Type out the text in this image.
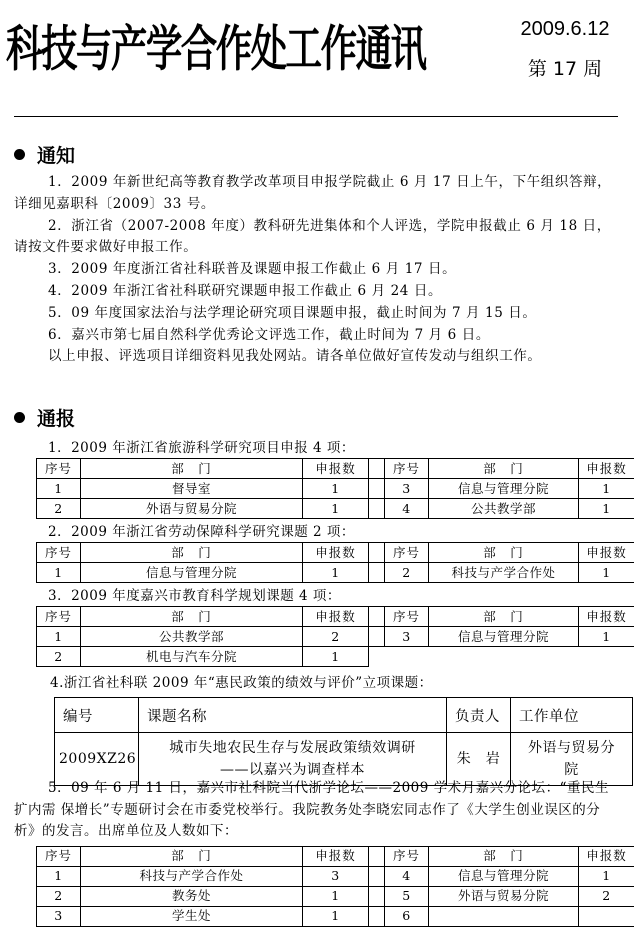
科技与产学合作处工作通讯	2009.6.12
第 17 周
通知

1．2009 年新世纪高等教育教学改革项目申报学院截止 6 月 17 日上午，下午组织答辩，详细见嘉职科〔2009〕33 号。

2．浙江省（2007-2008 年度）教科研先进集体和个人评选，学院申报截止 6 月 18 日，请按文件要求做好申报工作。

3．2009 年度浙江省社科联普及课题申报工作截止 6 月 17 日。

4．2009 年浙江省社科联研究课题申报工作截止 6 月 24 日。

5．09 年度国家法治与法学理论研究项目课题申报，截止时间为 7 月 15 日。

6．嘉兴市第七届自然科学优秀论文评选工作，截止时间为 7 月 6 日。

以上申报、评选项目详细资料见我处网站。请各单位做好宣传发动与组织工作。

通报

1．2009 年浙江省旅游科学研究项目申报 4 项：

序号	部　门	申报数		序号	部　门	申报数
1	督导室	1		3	信息与管理分院	1
2	外语与贸易分院	1		4	公共教学部	1

2．2009 年浙江省劳动保障科学研究课题 2 项：

序号	部　门	申报数		序号	部　门	申报数
1	信息与管理分院	1		2	科技与产学合作处	1

3．2009 年度嘉兴市教育科学规划课题 4 项：

序号	部　门	申报数		序号	部　门	申报数
1	公共教学部	2		3	信息与管理分院	1
2	机电与汽车分院	1				

4.浙江省社科联 2009 年“惠民政策的绩效与评价”立项课题：

编号	课题名称	负责人	工作单位
2009XZ26	城市失地农民生存与发展政策绩效调研——以嘉兴为调查样本	朱　岩	外语与贸易分院

5．09 年 6 月 11 日，嘉兴市社科院当代浙学论坛——2009 学术月嘉兴分论坛：“重民生 扩内需 保增长”专题研讨会在市委党校举行。我院教务处李晓宏同志作了《大学生创业误区的分析》的发言。出席单位及人数如下：

序号	部　门	申报数		序号	部　门	申报数
1	科技与产学合作处	3		4	信息与管理分院	1
2	教务处	1		5	外语与贸易分院	2
3	学生处	1		6		
